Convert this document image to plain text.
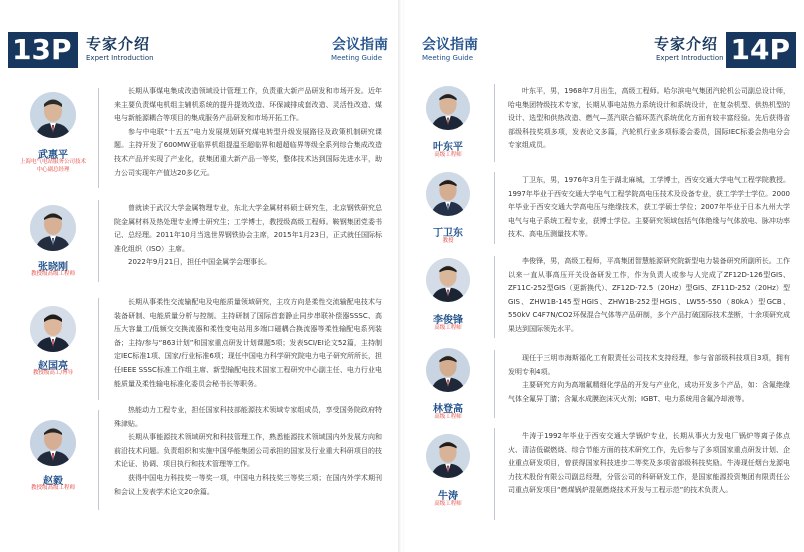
13P 专家介绍
Expert Introduction
会议指南
Meeting Guide
武惠平
上海电气电站服务公司技术中心副总经理

长期从事煤电集成改造领域设计管理工作，负责重大新产品研发和市场开发。近年来主要负责煤电机组主辅机系统的提升提效改造、环保减排成套改造、灵活性改造、煤电与新能源耦合等项目的集成服务产品研发和市场开拓工作。

参与中电联“十五五”电力发展规划研究煤电转型升级发展路径及政策机制研究课题。主持开发了600MW亚临界机组提温至超临界和超超临界等级全系列综合集成改造技术产品并实现了产业化，获集团重大新产品一等奖，整体技术达到国际先进水平，助力公司实现年产值达20多亿元。

张晓刚
教授级高级工程师

曾就读于武汉大学金属物理专业，东北大学金属材料硕士研究生，北京钢铁研究总院金属材料及热处理专业博士研究生；工学博士，教授级高级工程师。鞍钢集团党委书记、总经理。2011年10月当选世界钢铁协会主席，2015年1月23日，正式就任国际标准化组织（ISO）主席。

2022年9月21日，担任中国金属学会理事长。

赵国亮
教授级高工/博导

长期从事柔性交流输配电及电能质量领域研究，主攻方向是柔性交流输配电技术与装备研制、电能质量分析与控制。主持研制了国际首套静止同步串联补偿器SSSC、高压大容量工/低频交交换流器和柔性变电站用多端口磁耦合换流器等柔性输配电系列装备；主持/参与“863计划”和国家重点研发计划课题5项；发表SCI/EI论文52篇，主持制定IEC标准1项、国家/行业标准6项；现任中国电力科学研究院电力电子研究所所长，担任IEEE SSSC标准工作组主席、新型输配电技术国家工程研究中心副主任、电力行业电能质量及柔性输电标准化委员会秘书长等职务。

赵毅
教授级高级工程师

热能动力工程专业，担任国家科技部能源技术领域专家组成员，享受国务院政府特殊津贴。

长期从事能源技术领域研究和科技管理工作，熟悉能源技术领域国内外发展方向和前沿技术问题。负责组织和实施中国华能集团公司承担的国家及行业重大科研项目的技术论证、协调、项目执行和技术管理等工作。

获得中国电力科技奖一等奖一项，中国电力科技奖三等奖三项；在国内外学术期刊和会议上发表学术论文20余篇。

会议指南
Meeting Guide
专家介绍
Expert Introduction 14P
叶东平
高级工程师

叶东平，男，1968年7月出生，高级工程师。哈尔滨电气集团汽轮机公司副总设计师，哈电集团特级技术专家，长期从事电站热力系统设计和系统设计，在复杂机型、供热机型的设计、选型和供热改造、燃气—蒸汽联合循环蒸汽系统优化方面有较丰富经验。先后获得省部级科技奖项多项，发表论文多篇，汽轮机行业多项标委会委员，国际IEC标委会热电分会专家组成员。

丁卫东
教授

丁卫东，男，1976年3月生于湖北麻城，工学博士，西安交通大学电气工程学院教授。1997年毕业于西安交通大学电气工程学院高电压技术及设备专业，获工学学士学位。2000年毕业于西安交通大学高电压与绝缘技术，获工学硕士学位；2007年毕业于日本九州大学电气与电子系统工程专业，获博士学位。主要研究领域包括气体绝缘与气体放电、脉冲功率技术、高电压测量技术等。

李俊锋
高级工程师

李俊锋，男，高级工程师，平高集团智慧能源研究院新型电力装备研究所副所长。工作以来一直从事高压开关设备研发工作，作为负责人或参与人完成了ZF12D-126型GIS、ZF11C-252型GIS（更新换代）、ZF12D-72.5（20Hz）型GIS、ZF11D-252（20Hz）型GIS、ZHW1B-145型HGIS、ZHW1B-252型HGIS、LW55-550（80kA）型GCB、550kV C4F7N/CO2环保混合气体等产品研制，多个产品打破国际技术垄断，十余项研究成果达到国际领先水平。

林登高
高级工程师

现任于三明市海斯福化工有限责任公司技术支持经理，参与省部级科技项目3项，拥有发明专利4项。

主要研究方向为高端氟精细化学品的开发与产业化，成功开发多个产品，如：含氟绝缘气体全氟异丁腈；含氟水成膜泡沫灭火剂；IGBT、电力系统用含氟冷却液等。

牛涛
高级工程师

牛涛于1992年毕业于西安交通大学锅炉专业，长期从事火力发电厂锅炉等离子体点火、清洁低碳燃烧、综合节能方面的技术研究工作，先后参与了多项国家重点研发计划、企业重点研发项目，曾获得国家科技进步二等奖及多项省部级科技奖励。牛涛现任烟台龙源电力技术股份有限公司副总经理，分管公司的科研研发工作，是国家能源投资集团有限责任公司重点研发项目“燃煤锅炉混氨燃烧技术开发与工程示范”的技术负责人。
